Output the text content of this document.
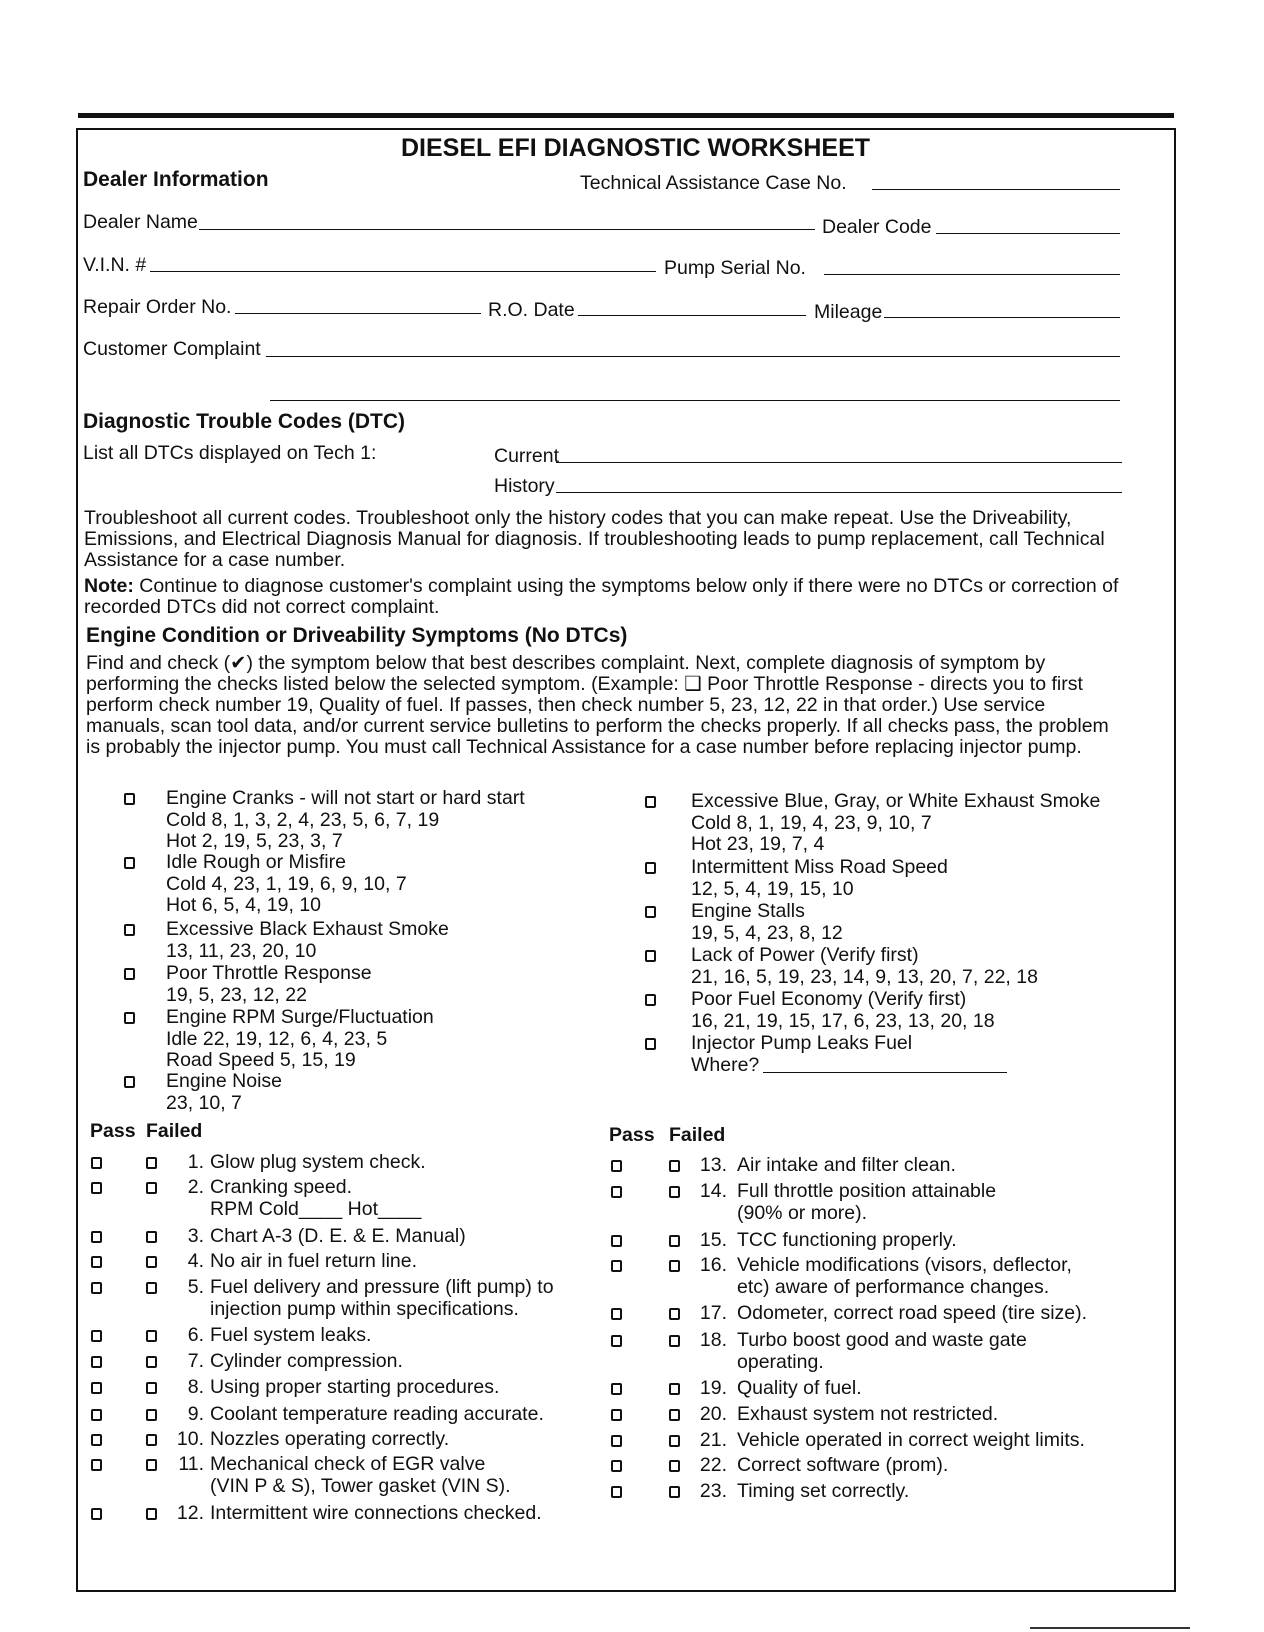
DIESEL EFI DIAGNOSTIC WORKSHEET
Dealer Information	Technical Assistance Case No.
Dealer Name	Dealer Code
V.I.N. #	Pump Serial No.
Repair Order No.	R.O. Date	Mileage
Customer Complaint
Diagnostic Trouble Codes (DTC)
List all DTCs displayed on Tech 1:	Current
History
Troubleshoot all current codes. Troubleshoot only the history codes that you can make repeat. Use the Driveability, Emissions, and Electrical Diagnosis Manual for diagnosis. If troubleshooting leads to pump replacement, call Technical Assistance for a case number.
Note: Continue to diagnose customer's complaint using the symptoms below only if there were no DTCs or correction of recorded DTCs did not correct complaint.
Engine Condition or Driveability Symptoms (No DTCs)
Find and check (✔) the symptom below that best describes complaint. Next, complete diagnosis of symptom by performing the checks listed below the selected symptom. (Example: ❑ Poor Throttle Response - directs you to first perform check number 19, Quality of fuel. If passes, then check number 5, 23, 12, 22 in that order.) Use service manuals, scan tool data, and/or current service bulletins to perform the checks properly. If all checks pass, the problem is probably the injector pump. You must call Technical Assistance for a case number before replacing injector pump.
Engine Cranks - will not start or hard start
Cold 8, 1, 3, 2, 4, 23, 5, 6, 7, 19
Hot 2, 19, 5, 23, 3, 7
Idle Rough or Misfire
Cold 4, 23, 1, 19, 6, 9, 10, 7
Hot 6, 5, 4, 19, 10
Excessive Black Exhaust Smoke
13, 11, 23, 20, 10
Poor Throttle Response
19, 5, 23, 12, 22
Engine RPM Surge/Fluctuation
Idle 22, 19, 12, 6, 4, 23, 5
Road Speed 5, 15, 19
Engine Noise
23, 10, 7
Excessive Blue, Gray, or White Exhaust Smoke
Cold 8, 1, 19, 4, 23, 9, 10, 7
Hot 23, 19, 7, 4
Intermittent Miss Road Speed
12, 5, 4, 19, 15, 10
Engine Stalls
19, 5, 4, 23, 8, 12
Lack of Power (Verify first)
21, 16, 5, 19, 23, 14, 9, 13, 20, 7, 22, 18
Poor Fuel Economy (Verify first)
16, 21, 19, 15, 17, 6, 23, 13, 20, 18
Injector Pump Leaks Fuel
Where?
Pass Failed	Pass Failed
1. Glow plug system check.
2. Cranking speed.
RPM Cold____ Hot____
3. Chart A-3 (D. E. & E. Manual)
4. No air in fuel return line.
5. Fuel delivery and pressure (lift pump) to
injection pump within specifications.
6. Fuel system leaks.
7. Cylinder compression.
8. Using proper starting procedures.
9. Coolant temperature reading accurate.
10. Nozzles operating correctly.
11. Mechanical check of EGR valve
(VIN P & S), Tower gasket (VIN S).
12. Intermittent wire connections checked.
13. Air intake and filter clean.
14. Full throttle position attainable
(90% or more).
15. TCC functioning properly.
16. Vehicle modifications (visors, deflector,
etc) aware of performance changes.
17. Odometer, correct road speed (tire size).
18. Turbo boost good and waste gate
operating.
19. Quality of fuel.
20. Exhaust system not restricted.
21. Vehicle operated in correct weight limits.
22. Correct software (prom).
23. Timing set correctly.
